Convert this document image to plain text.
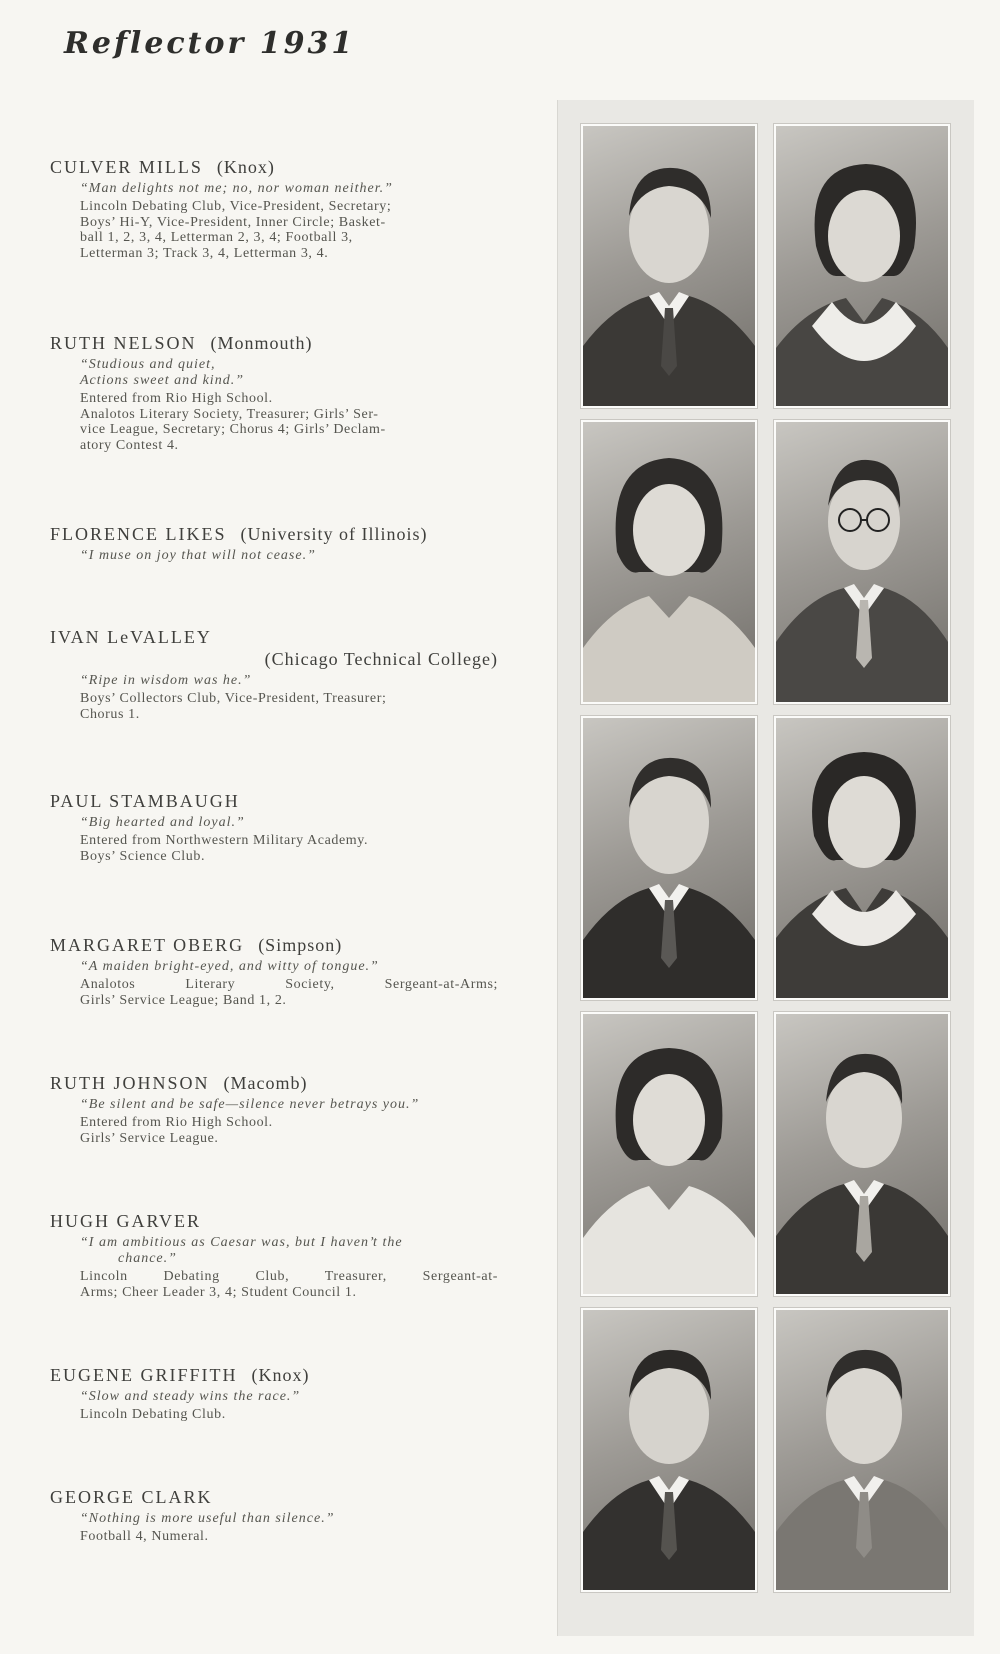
Reflector 1931
CULVER MILLS (Knox)
“Man delights not me; no, nor woman neither.”
Lincoln Debating Club, Vice-President, Secretary;
Boys’ Hi-Y, Vice-President, Inner Circle; Basket-
ball 1, 2, 3, 4, Letterman 2, 3, 4; Football 3,
Letterman 3; Track 3, 4, Letterman 3, 4.
RUTH NELSON (Monmouth)
“Studious and quiet,
Actions sweet and kind.”
Entered from Rio High School.
Analotos Literary Society, Treasurer; Girls’ Ser-
vice League, Secretary; Chorus 4; Girls’ Declam-
atory Contest 4.
FLORENCE LIKES (University of Illinois)
“I muse on joy that will not cease.”
IVAN LeVALLEY
(Chicago Technical College)
“Ripe in wisdom was he.”
Boys’ Collectors Club, Vice-President, Treasurer;
Chorus 1.
PAUL STAMBAUGH
“Big hearted and loyal.”
Entered from Northwestern Military Academy.
Boys’ Science Club.
MARGARET OBERG (Simpson)
“A maiden bright-eyed, and witty of tongue.”
Analotos Literary Society, Sergeant-at-Arms;
Girls’ Service League; Band 1, 2.
RUTH JOHNSON (Macomb)
“Be silent and be safe—silence never betrays you.”
Entered from Rio High School.
Girls’ Service League.
HUGH GARVER
“I am ambitious as Caesar was, but I haven’t the
chance.”
Lincoln Debating Club, Treasurer, Sergeant-at-
Arms; Cheer Leader 3, 4; Student Council 1.
EUGENE GRIFFITH (Knox)
“Slow and steady wins the race.”
Lincoln Debating Club.
GEORGE CLARK
“Nothing is more useful than silence.”
Football 4, Numeral.
